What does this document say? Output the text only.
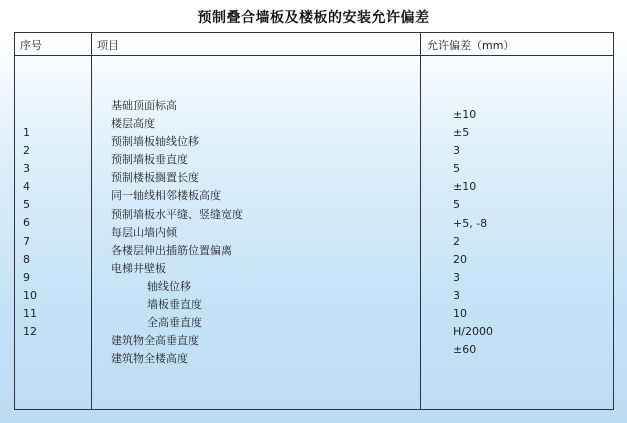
预制叠合墙板及楼板的安装允许偏差
序号	项目	允许偏差（mm）
1
2
3
4
5
6
7
8
9
10
11
12
基础顶面标高
楼层高度
预制墙板轴线位移
预制墙板垂直度
预制楼板搁置长度
同一轴线相邻楼板高度
预制墙板水平缝、竖缝宽度
每层山墙内倾
各楼层伸出插筋位置偏离
电梯井壁板
轴线位移
墙板垂直度
全高垂直度
建筑物全高垂直度
建筑物全楼高度
±10
±5
3
5
±10
5
+5, -8
2
20
3
3
10
H/2000
±60
